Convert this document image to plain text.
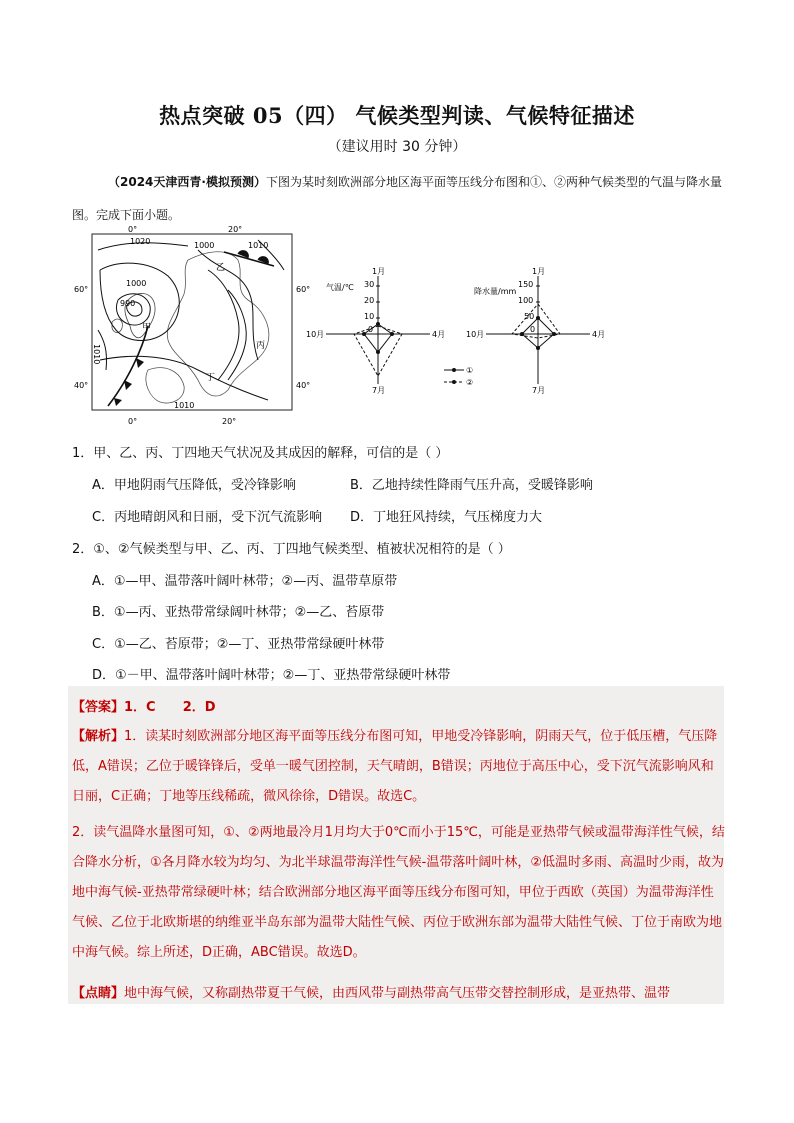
热点突破 05（四） 气候类型判读、气候特征描述
（建议用时 30 分钟）
（2024天津西青·模拟预测）下图为某时刻欧洲部分地区海平面等压线分布图和①、②两种气候类型的气温与降水量图。完成下面小题。
0°	20°
0°	20°
60°	60°
40°	40°
1020	1000	1010
1000
990
1010
1010
甲
乙
丙
丁
气温/℃ 30
20
10
0
1月
4月
7月
10月
降水量/mm
150
100
50
0
1月
4月
7月
10月
①
②
1．甲、乙、丙、丁四地天气状况及其成因的解释，可信的是（ ）
A．甲地阴雨气压降低，受冷锋影响	B．乙地持续性降雨气压升高，受暖锋影响
C．丙地晴朗风和日丽，受下沉气流影响 D．丁地狂风持续，气压梯度力大
2．①、②气候类型与甲、乙、丙、丁四地气候类型、植被状况相符的是（ ）
A．①—甲、温带落叶阔叶林带；②—丙、温带草原带
B．①—丙、亚热带常绿阔叶林带；②—乙、苔原带
C．①—乙、苔原带；②—丁、亚热带常绿硬叶林带
D．①－甲、温带落叶阔叶林带；②—丁、亚热带常绿硬叶林带
【答案】1．C      2．D
【解析】1．读某时刻欧洲部分地区海平面等压线分布图可知，甲地受冷锋影响，阴雨天气，位于低压槽，气压降低，A错误；乙位于暖锋锋后，受单一暖气团控制，天气晴朗，B错误；丙地位于高压中心，受下沉气流影响风和日丽，C正确；丁地等压线稀疏，微风徐徐，D错误。故选C。
2．读气温降水量图可知，①、②两地最冷月1月均大于0℃而小于15℃，可能是亚热带气候或温带海洋性气候，结合降水分析，①各月降水较为均匀、为北半球温带海洋性气候-温带落叶阔叶林，②低温时多雨、高温时少雨，故为地中海气候-亚热带常绿硬叶林；结合欧洲部分地区海平面等压线分布图可知，甲位于西欧（英国）为温带海洋性气候、乙位于北欧斯堪的纳维亚半岛东部为温带大陆性气候、丙位于欧洲东部为温带大陆性气候、丁位于南欧为地中海气候。综上所述，D正确，ABC错误。故选D。
【点睛】地中海气候，又称副热带夏干气候，由西风带与副热带高气压带交替控制形成，是亚热带、温带
